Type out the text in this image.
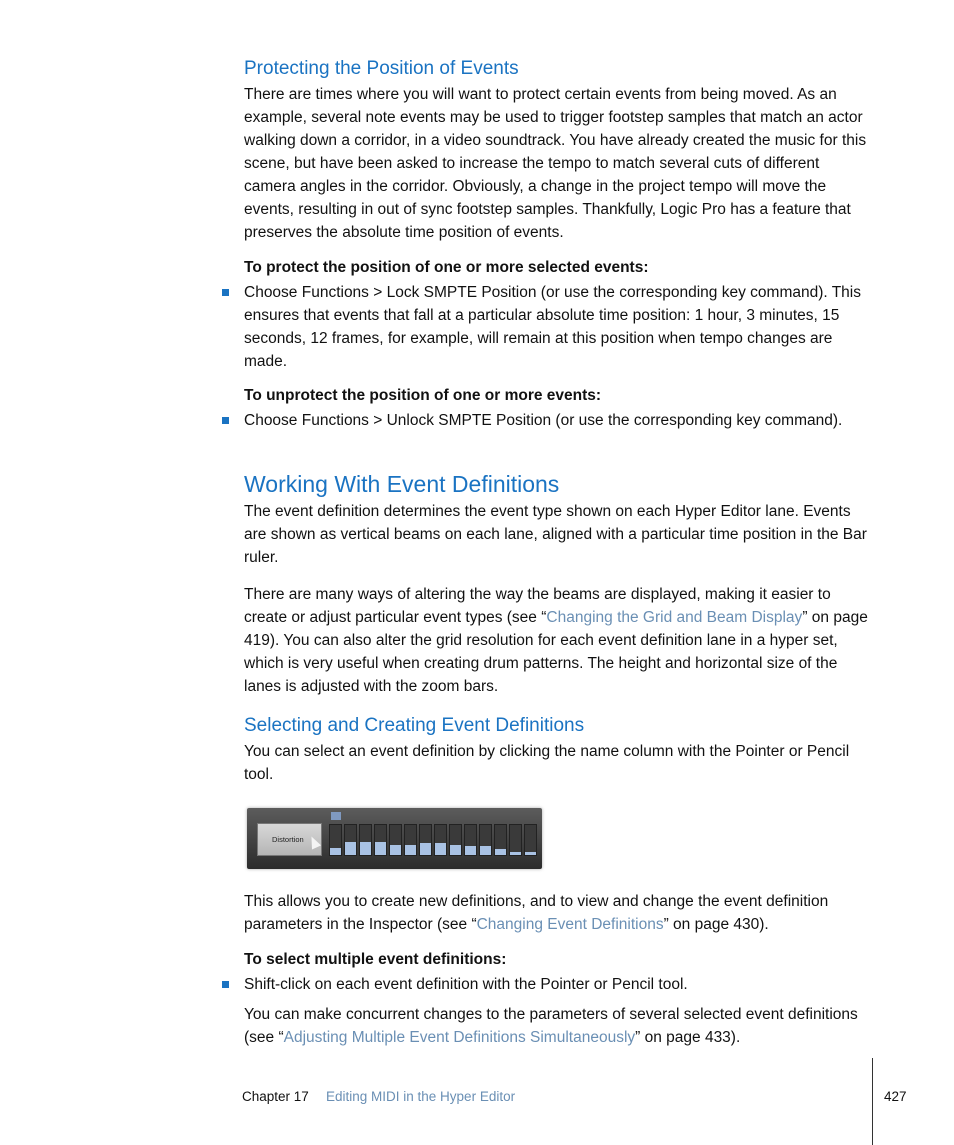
Protecting the Position of Events

There are times where you will want to protect certain events from being moved. As an example, several note events may be used to trigger footstep samples that match an actor walking down a corridor, in a video soundtrack. You have already created the music for this scene, but have been asked to increase the tempo to match several cuts of different camera angles in the corridor. Obviously, a change in the project tempo will move the events, resulting in out of sync footstep samples. Thankfully, Logic Pro has a feature that preserves the absolute time position of events.

To protect the position of one or more selected events:
Choose Functions > Lock SMPTE Position (or use the corresponding key command). This ensures that events that fall at a particular absolute time position: 1 hour, 3 minutes, 15 seconds, 12 frames, for example, will remain at this position when tempo changes are made.
To unprotect the position of one or more events:
Choose Functions > Unlock SMPTE Position (or use the corresponding key command).
Working With Event Definitions

The event definition determines the event type shown on each Hyper Editor lane. Events are shown as vertical beams on each lane, aligned with a particular time position in the Bar ruler.

There are many ways of altering the way the beams are displayed, making it easier to create or adjust particular event types (see “Changing the Grid and Beam Display” on page 419). You can also alter the grid resolution for each event definition lane in a hyper set, which is very useful when creating drum patterns. The height and horizontal size of the lanes is adjusted with the zoom bars.

Selecting and Creating Event Definitions

You can select an event definition by clicking the name column with the Pointer or Pencil tool.

Distortion

This allows you to create new definitions, and to view and change the event definition parameters in the Inspector (see “Changing Event Definitions” on page 430).

To select multiple event definitions:
Shift-click on each event definition with the Pointer or Pencil tool.

You can make concurrent changes to the parameters of several selected event definitions (see “Adjusting Multiple Event Definitions Simultaneously” on page 433).

Chapter 17 Editing MIDI in the Hyper Editor	427
